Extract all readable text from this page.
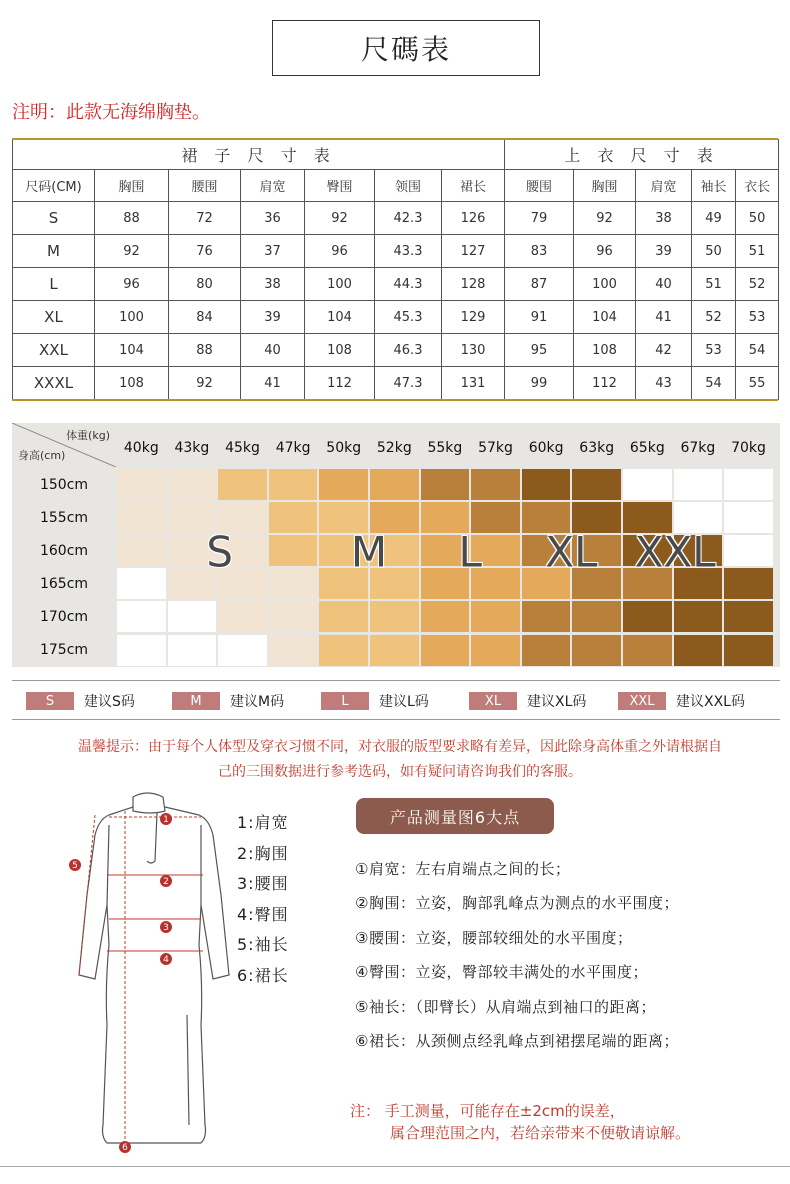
尺碼表
注明：此款无海绵胸垫。
裙 子 尺 寸 表							上 衣 尺 寸 表				
尺码(CM)	胸围	腰围	肩宽	臀围	领围	裙长	腰围	胸围	肩宽	袖长	衣长
S	88	72	36	92	42.3	126	79	92	38	49	50
M	92	76	37	96	43.3	127	83	96	39	50	51
L	96	80	38	100	44.3	128	87	100	40	51	52
XL	100	84	39	104	45.3	129	91	104	41	52	53
XXL	104	88	40	108	46.3	130	95	108	42	53	54
XXXL	108	92	41	112	47.3	131	99	112	43	54	55
体重(kg)
身高(cm)	40kg	43kg	45kg	47kg	50kg	52kg	55kg	57kg	60kg	63kg	65kg	67kg	70kg
150cm
155cm
160cm
165cm
170cm
175cm
S	M L XL XXL
S	建议S码	M	建议M码	L	建议L码	XL	建议XL码	XXL	建议XXL码
温馨提示：由于每个人体型及穿衣习惯不同，对衣服的版型要求略有差异，因此除身高体重之外请根据自
己的三围数据进行参考选码，如有疑问请咨询我们的客服。
1
2
3
4
5
6
1:肩宽
2:胸围
3:腰围
4:臀围
5:袖长
6:裙长
产品测量图6大点
①肩宽：左右肩端点之间的长；
②胸围：立姿，胸部乳峰点为测点的水平围度；
③腰围：立姿，腰部较细处的水平围度；
④臀围：立姿，臀部较丰满处的水平围度；
⑤袖长：（即臂长）从肩端点到袖口的距离；
⑥裙长：从颈侧点经乳峰点到裙摆尾端的距离；
注： 手工测量，可能存在±2cm的误差，
属合理范围之内，若给亲带来不便敬请谅解。
